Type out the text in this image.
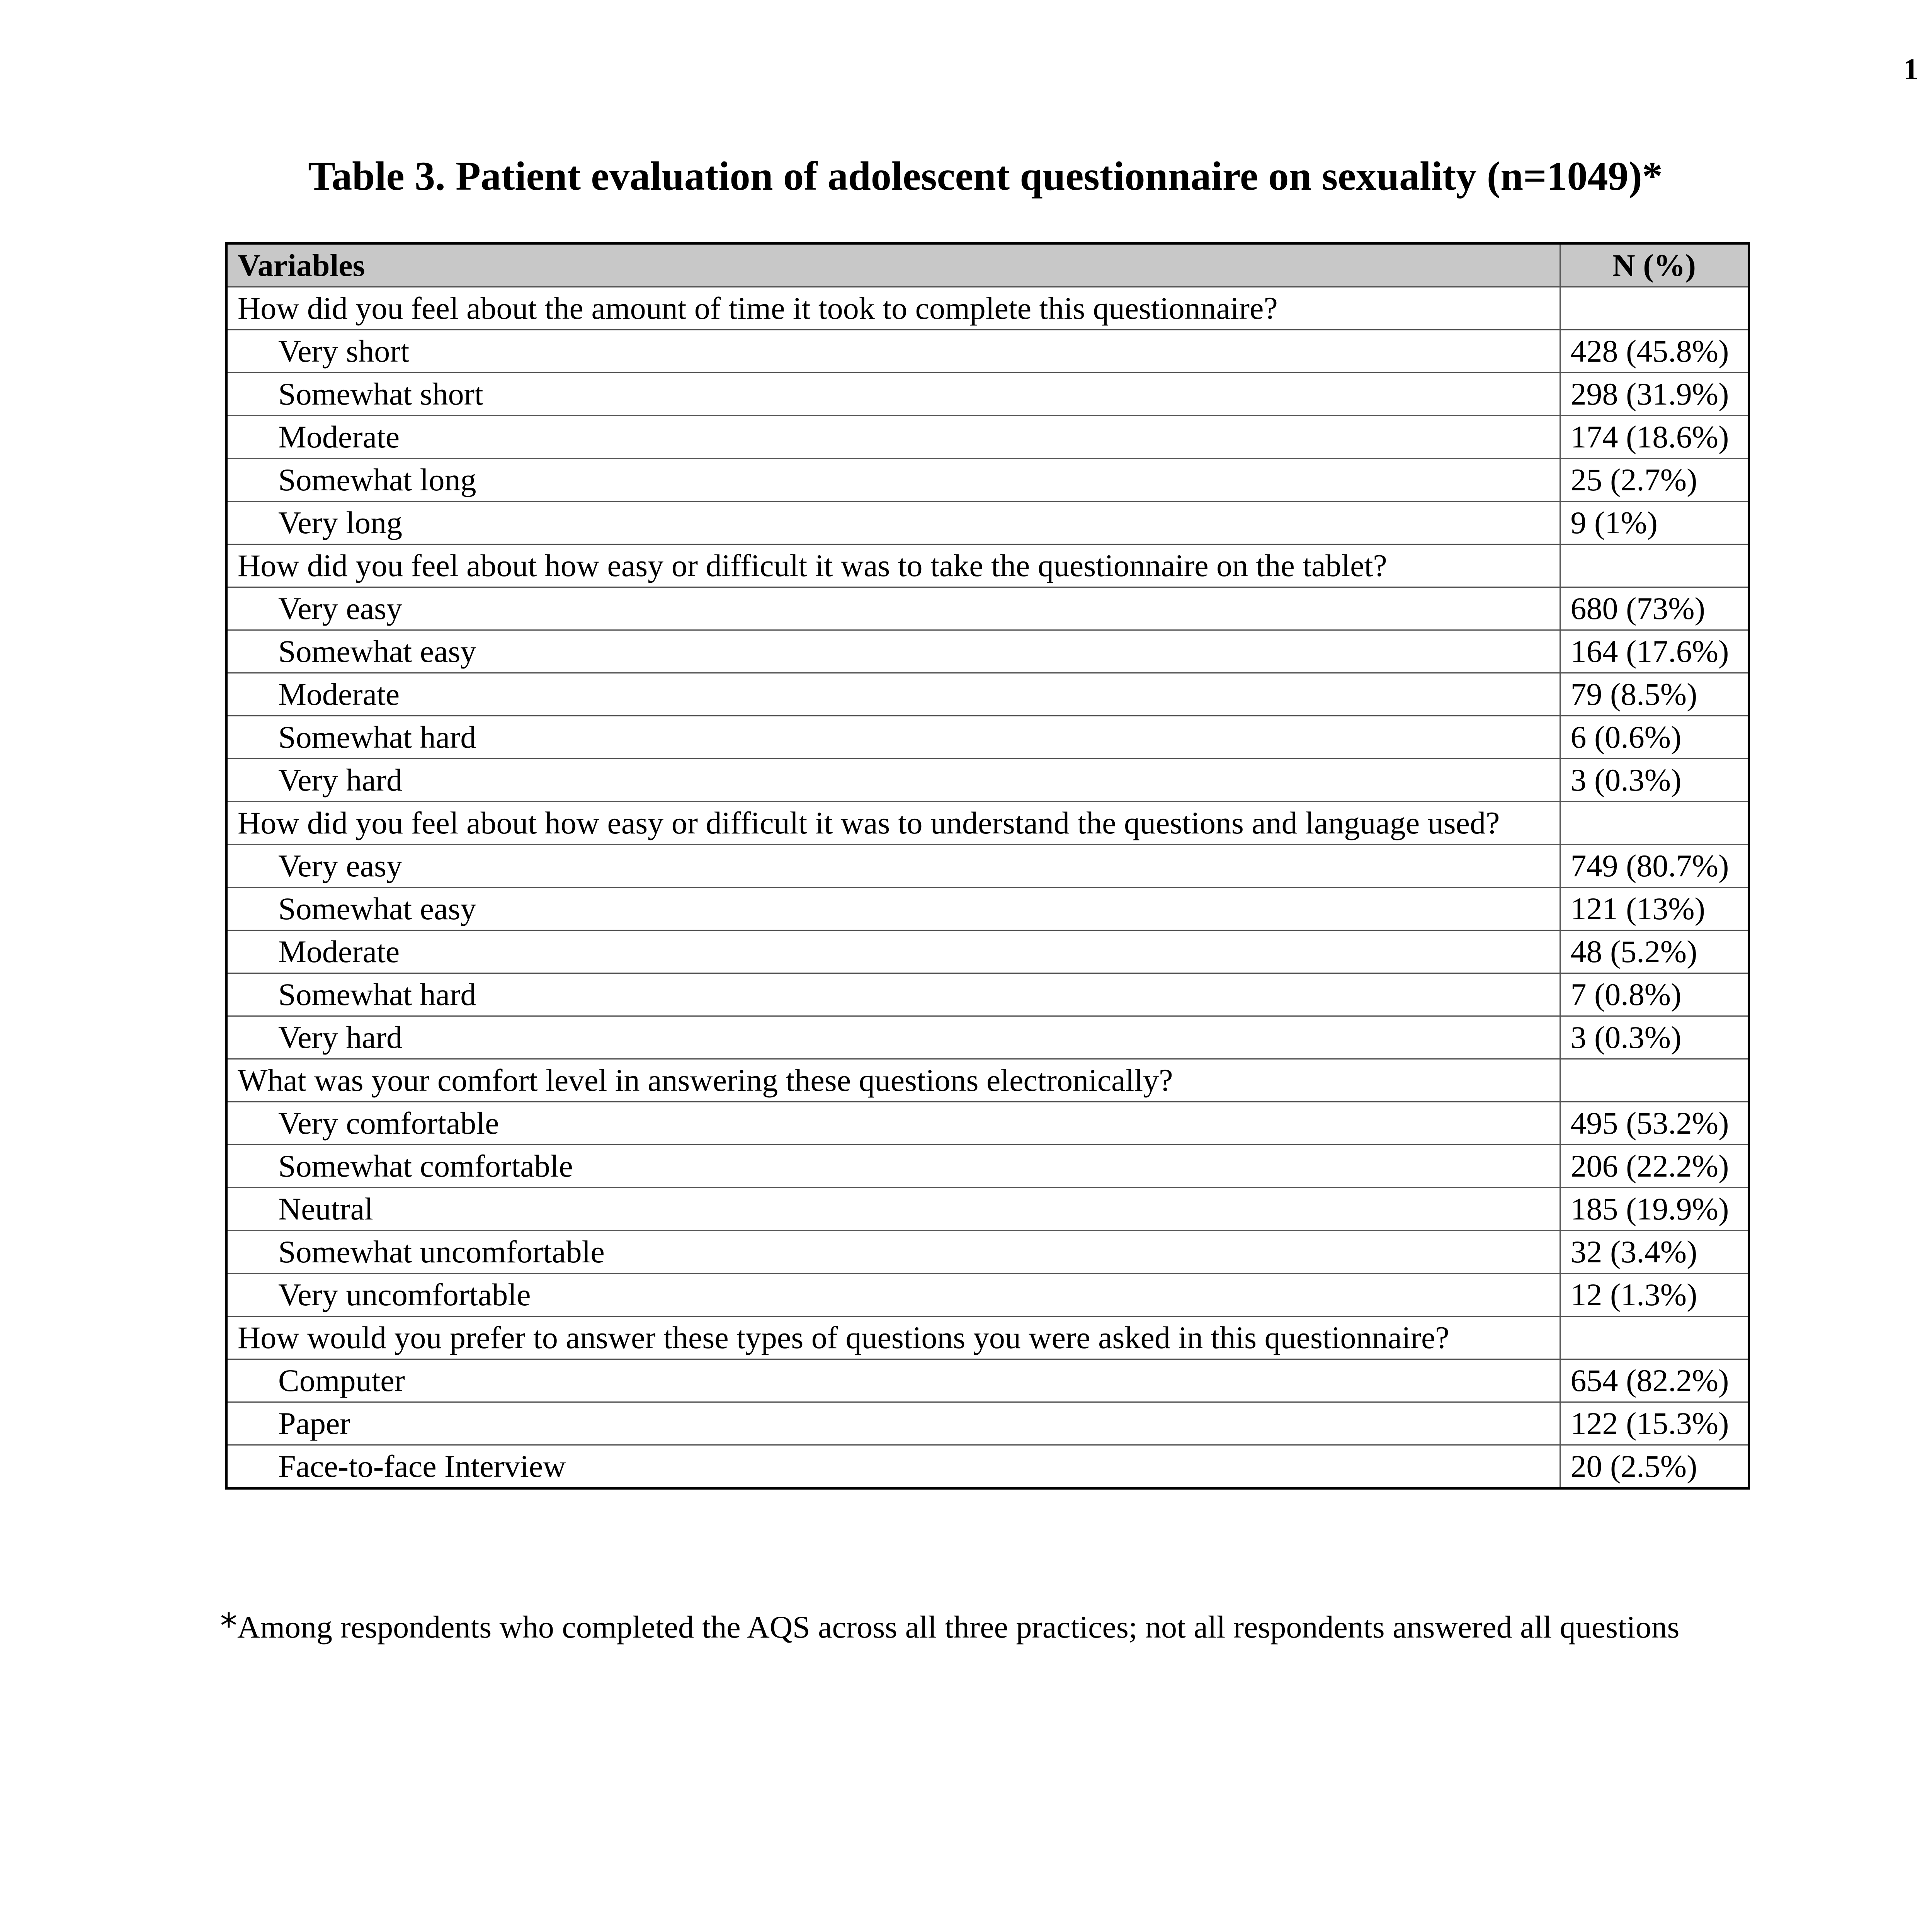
1
Table 3. Patient evaluation of adolescent questionnaire on sexuality (n=1049)*
Variables	N (%)
How did you feel about the amount of time it took to complete this questionnaire?	
Very short	428 (45.8%)
Somewhat short	298 (31.9%)
Moderate	174 (18.6%)
Somewhat long	25 (2.7%)
Very long	9 (1%)
How did you feel about how easy or difficult it was to take the questionnaire on the tablet?	
Very easy	680 (73%)
Somewhat easy	164 (17.6%)
Moderate	79 (8.5%)
Somewhat hard	6 (0.6%)
Very hard	3 (0.3%)
How did you feel about how easy or difficult it was to understand the questions and language used?	
Very easy	749 (80.7%)
Somewhat easy	121 (13%)
Moderate	48 (5.2%)
Somewhat hard	7 (0.8%)
Very hard	3 (0.3%)
What was your comfort level in answering these questions electronically?	
Very comfortable	495 (53.2%)
Somewhat comfortable	206 (22.2%)
Neutral	185 (19.9%)
Somewhat uncomfortable	32 (3.4%)
Very uncomfortable	12 (1.3%)
How would you prefer to answer these types of questions you were asked in this questionnaire?	
Computer	654 (82.2%)
Paper	122 (15.3%)
Face-to-face Interview	20 (2.5%)
*Among respondents who completed the AQS across all three practices; not all respondents answered all questions
